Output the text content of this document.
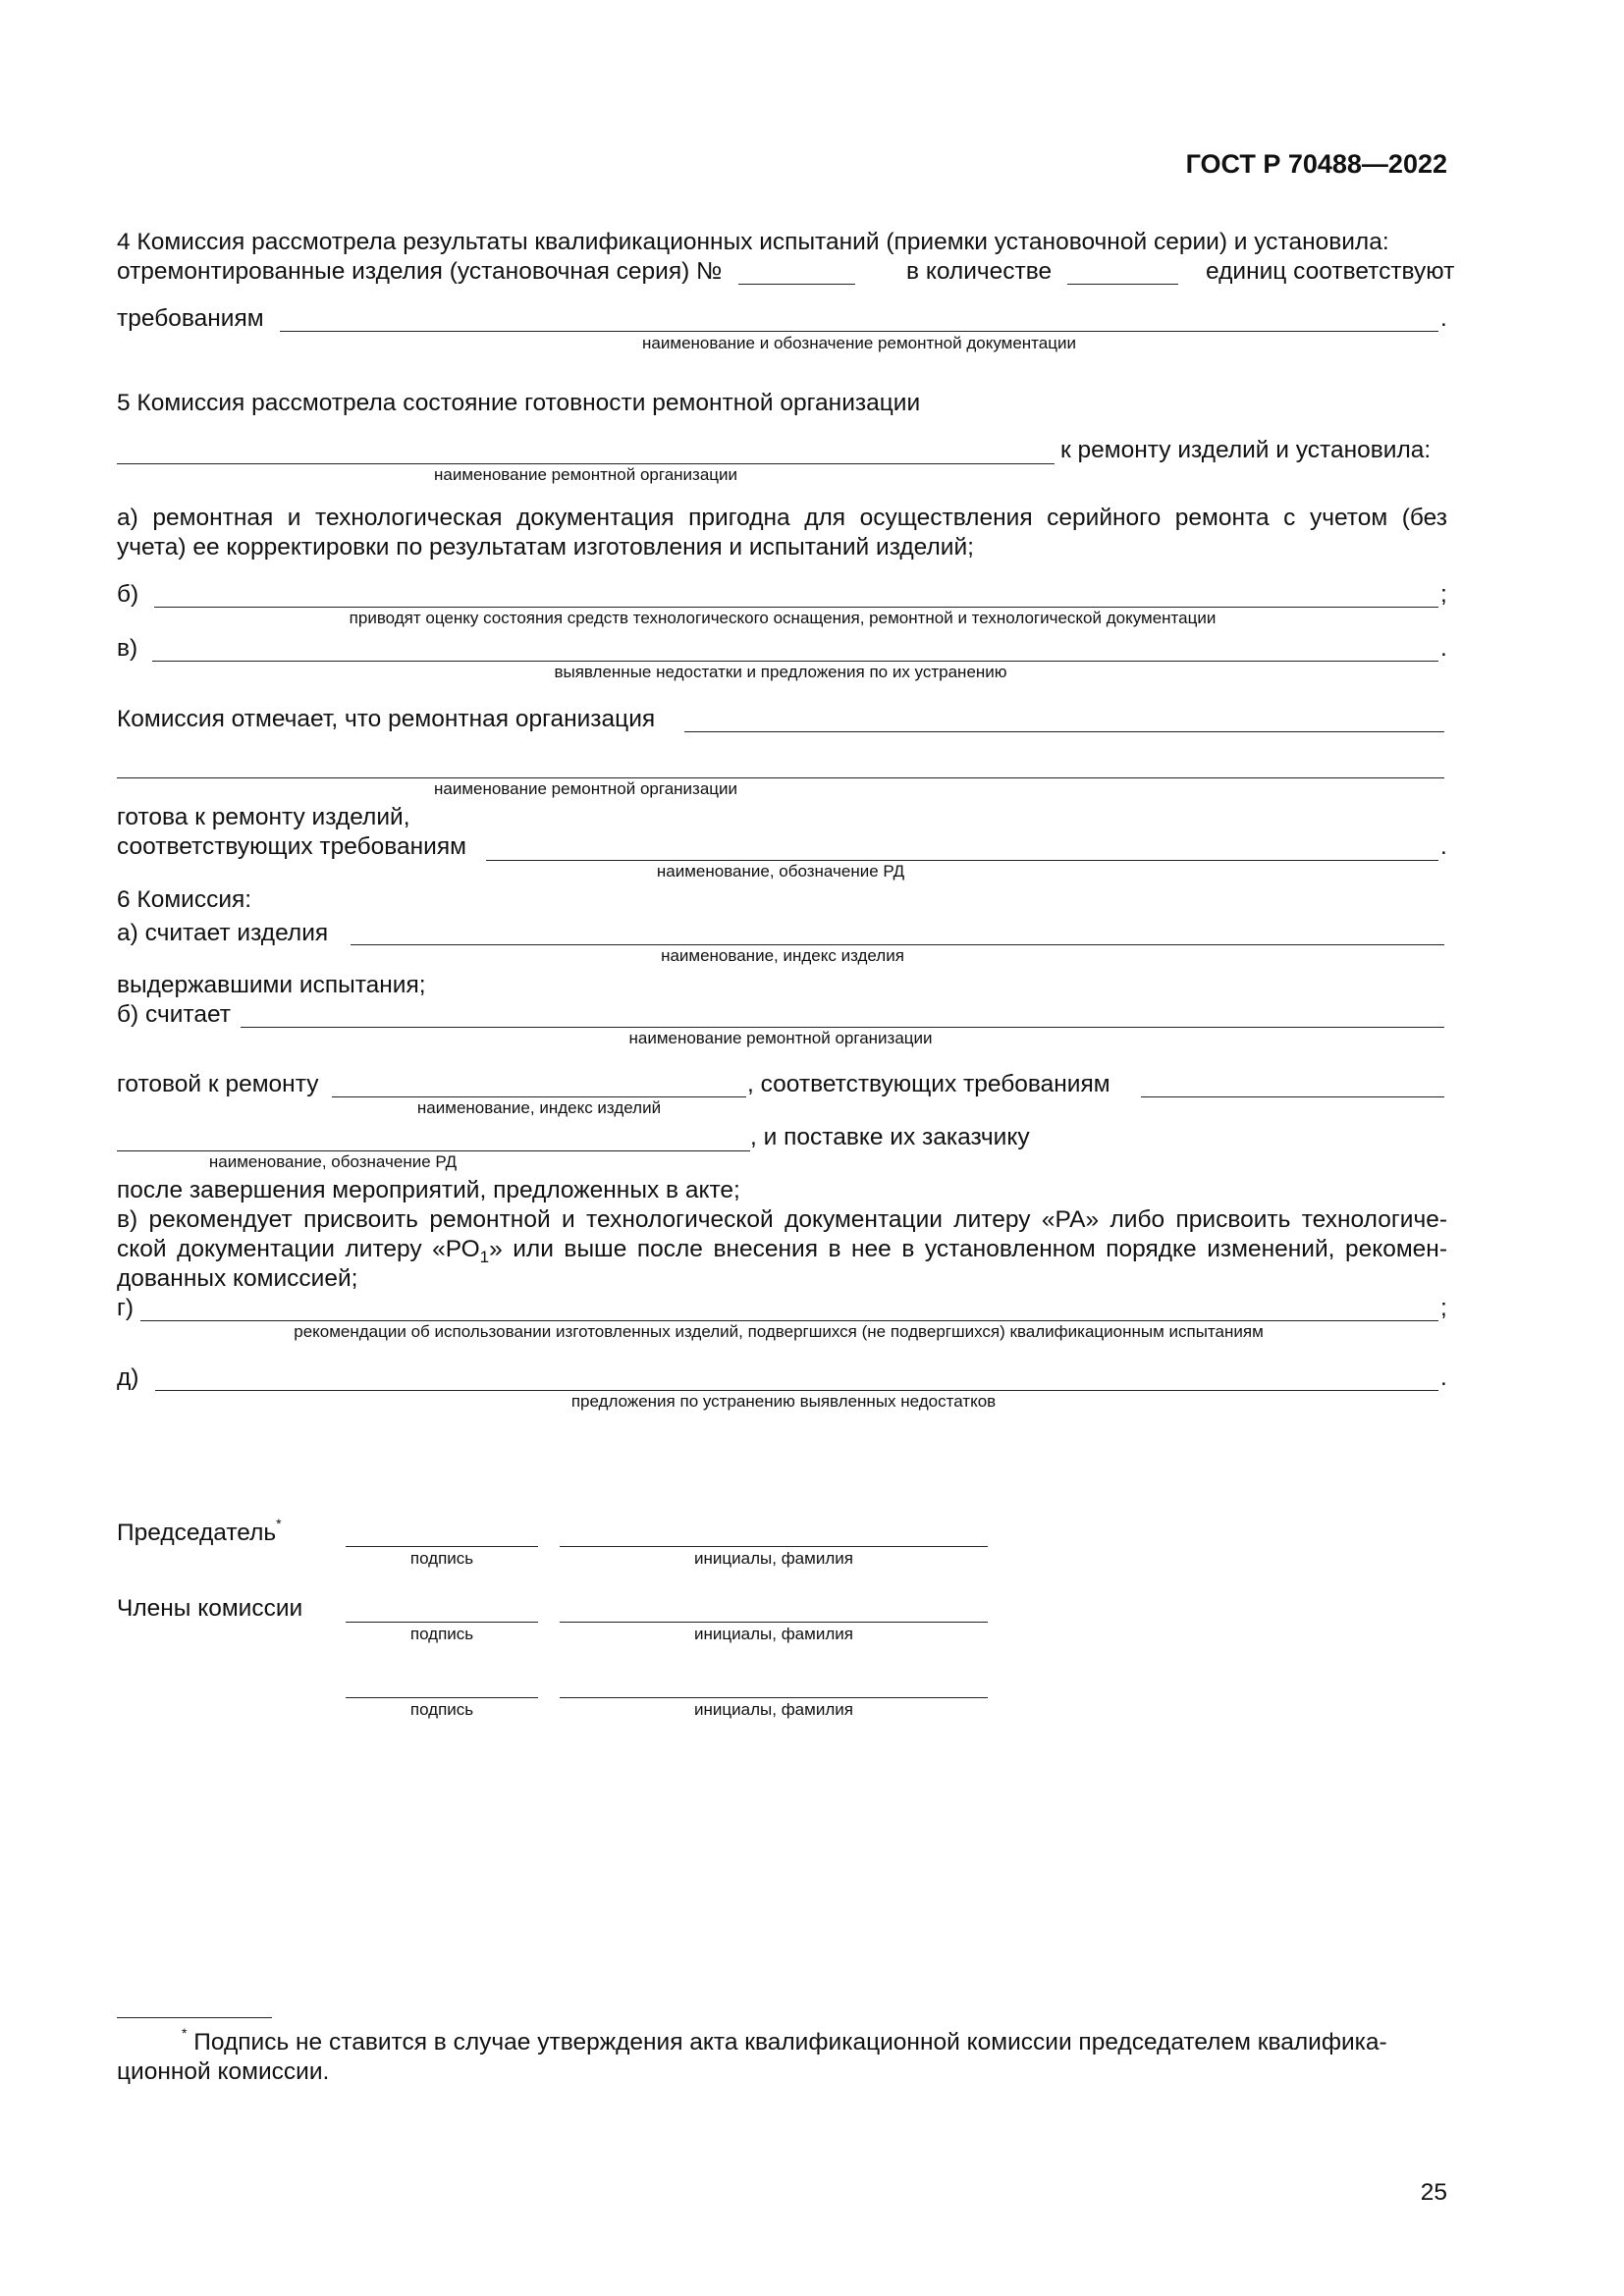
ГОСТ Р 70488—2022
4 Комиссия рассмотрела результаты квалификационных испытаний (приемки установочной серии) и установила:
отремонтированные изделия (установочная серия) №	в количестве	единиц соответствуют
требованиям	.
наименование и обозначение ремонтной документации
5 Комиссия рассмотрела состояние готовности ремонтной организации
к ремонту изделий и установила:
наименование ремонтной организации
а) ремонтная и технологическая документация пригодна для осуществления серийного ремонта с учетом (без
учета) ее корректировки по результатам изготовления и испытаний изделий;
б)	;
приводят оценку состояния средств технологического оснащения, ремонтной и технологической документации
в)	.
выявленные недостатки и предложения по их устранению
Комиссия отмечает, что ремонтная организация
наименование ремонтной организации
готова к ремонту изделий,
соответствующих требованиям	.
наименование, обозначение РД
6 Комиссия:
а) считает изделия
наименование, индекс изделия
выдержавшими испытания;
б) считает
наименование ремонтной организации
готовой к ремонту
наименование, индекс изделий
, соответствующих требованиям
, и поставке их заказчику
наименование, обозначение РД
после завершения мероприятий, предложенных в акте;
в) рекомендует присвоить ремонтной и технологической документации литеру «РА» либо присвоить технологиче-
ской документации литеру «$РО_1$» или выше после внесения в нее в установленном порядке изменений, рекомен-
дованных комиссией;
г)	;
рекомендации об использовании изготовленных изделий, подвергшихся (не подвергшихся) квалификационным испытаниям
д)	.
предложения по устранению выявленных недостатков
Председатель*
подпись	инициалы, фамилия
Члены комиссии
подпись	инициалы, фамилия
подпись	инициалы, фамилия
* Подпись не ставится в случае утверждения акта квалификационной комиссии председателем квалифика-
ционной комиссии.
25
